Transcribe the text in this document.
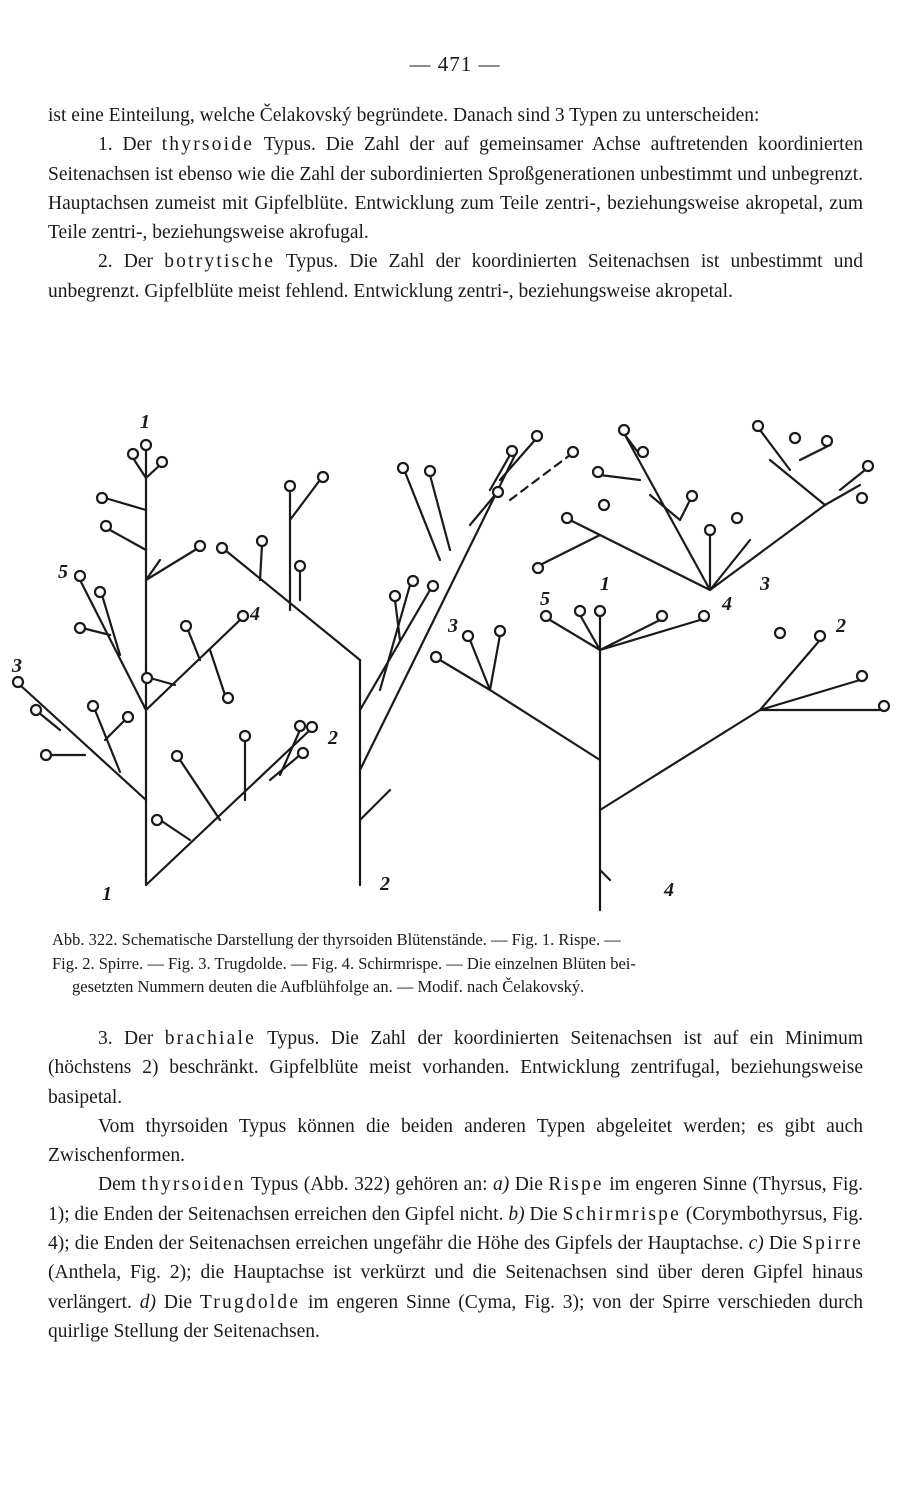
— 471 —
ist eine Einteilung, welche Čelakovský begründete. Danach sind 3 Typen zu unterscheiden:
1. Der thyrsoide Typus. Die Zahl der auf gemeinsamer Achse auftretenden koordinierten Seitenachsen ist ebenso wie die Zahl der subordinierten Sproßgenerationen unbestimmt und unbegrenzt. Hauptachsen zumeist mit Gipfelblüte. Entwicklung zum Teile zentri-, beziehungsweise akropetal, zum Teile zentri-, beziehungsweise akrofugal.
2. Der botrytische Typus. Die Zahl der koordinierten Seitenachsen ist unbestimmt und unbegrenzt. Gipfelblüte meist fehlend. Entwicklung zentri-, beziehungsweise akropetal.
1
1
5
3
4
2
2
3
4
3
5
1
4
2
Abb. 322. Schematische Darstellung der thyrsoiden Blütenstände. — Fig. 1. Rispe. —
Fig. 2. Spirre. — Fig. 3. Trugdolde. — Fig. 4. Schirmrispe. — Die einzelnen Blüten bei-
gesetzten Nummern deuten die Aufblühfolge an. — Modif. nach Čelakovský.

3. Der brachiale Typus. Die Zahl der koordinierten Seitenachsen ist auf ein Minimum (höchstens 2) beschränkt. Gipfelblüte meist vorhanden. Entwicklung zentrifugal, beziehungsweise basipetal.

Vom thyrsoiden Typus können die beiden anderen Typen abgeleitet werden; es gibt auch Zwischenformen.

Dem thyrsoiden Typus (Abb. 322) gehören an: a) Die Rispe im engeren Sinne (Thyrsus, Fig. 1); die Enden der Seitenachsen erreichen den Gipfel nicht. b) Die Schirmrispe (Corymbothyrsus, Fig. 4); die Enden der Seitenachsen erreichen ungefähr die Höhe des Gipfels der Hauptachse. c) Die Spirre (Anthela, Fig. 2); die Hauptachse ist verkürzt und die Seitenachsen sind über deren Gipfel hinaus verlängert. d) Die Trugdolde im engeren Sinne (Cyma, Fig. 3); von der Spirre verschieden durch quirlige Stellung der Seitenachsen.
